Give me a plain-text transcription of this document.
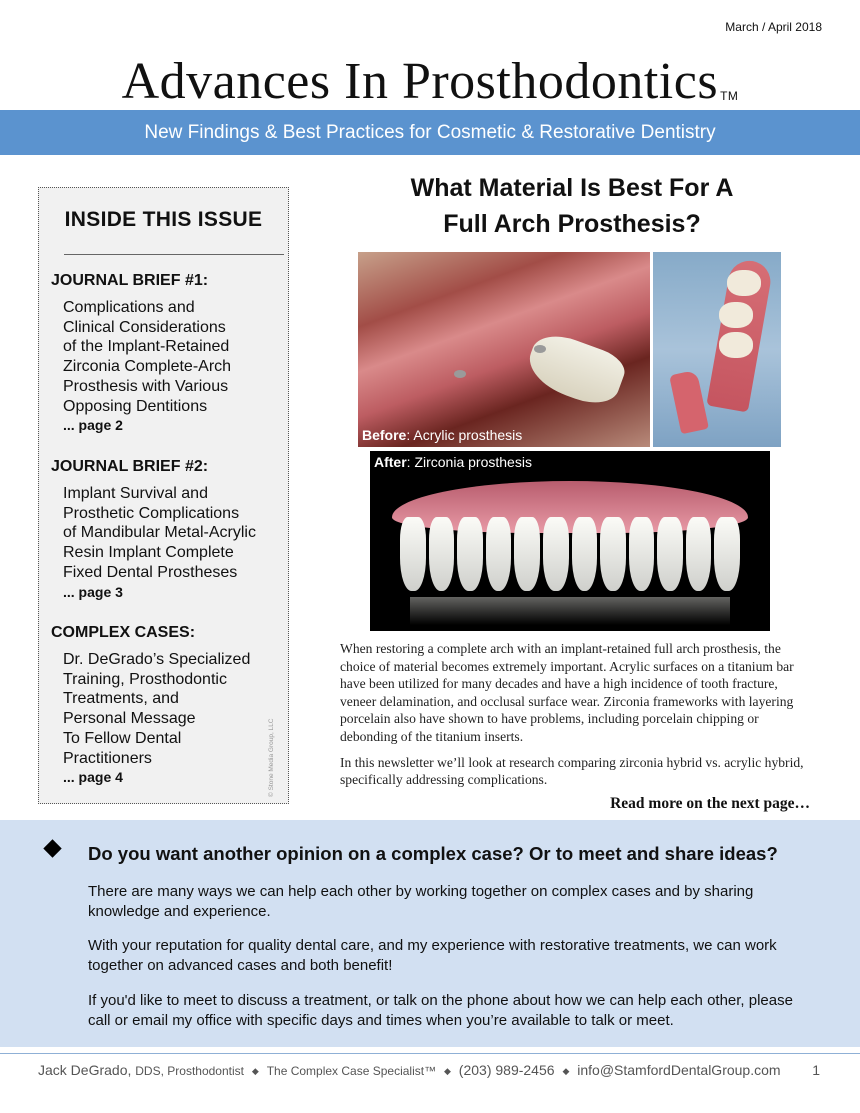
March / April 2018
Advances In Prosthodontics ™
New Findings & Best Practices for Cosmetic & Restorative Dentistry
INSIDE THIS ISSUE
JOURNAL BRIEF #1:
Complications and
Clinical Considerations
of the Implant-Retained
Zirconia Complete-Arch
Prosthesis with Various
Opposing Dentitions
... page 2
JOURNAL BRIEF #2:
Implant Survival and
Prosthetic Complications
of Mandibular Metal-Acrylic
Resin Implant Complete
Fixed Dental Prostheses
... page 3
COMPLEX CASES:
Dr. DeGrado’s Specialized
Training, Prosthodontic
Treatments, and
Personal Message
To Fellow Dental
Practitioners
... page 4	© Stone Media Group, LLC
What Material Is Best For A
Full Arch Prosthesis?
Before: Acrylic prosthesis
After: Zirconia prosthesis

When restoring a complete arch with an implant-retained full arch prosthesis, the choice of material becomes extremely important. Acrylic surfaces on a titanium bar have been utilized for many decades and have a high incidence of tooth fracture, veneer delamination, and occlusal surface wear. Zirconia frameworks with layering porcelain also have shown to have problems, including porcelain chipping or debonding of the titanium inserts.

In this newsletter we’ll look at research comparing zirconia hybrid vs. acrylic hybrid, specifically addressing complications.

Read more on the next page…
Do you want another opinion on a complex case? Or to meet and share ideas?
There are many ways we can help each other by working together on complex cases and by sharing knowledge and experience.
With your reputation for quality dental care, and my experience with restorative treatments, we can work together on advanced cases and both benefit!
If you'd like to meet to discuss a treatment, or talk on the phone about how we can help each other, please call or email my office with specific days and times when you’re available to talk or meet.
Jack DeGrado, DDS, Prosthodontist ◆ The Complex Case Specialist™ ◆ (203) 989-2456 ◆ info@StamfordDentalGroup.com 1
